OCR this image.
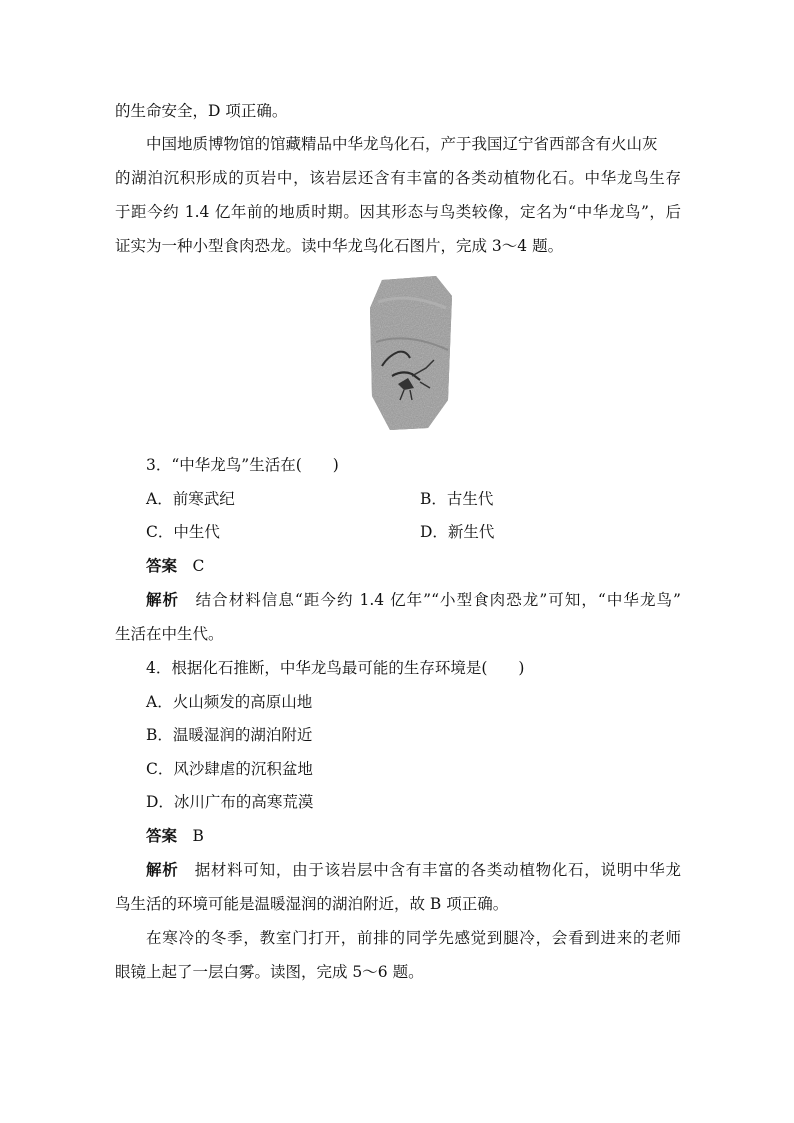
的生命安全，D 项正确。
中国地质博物馆的馆藏精品中华龙鸟化石，产于我国辽宁省西部含有火山灰
的湖泊沉积形成的页岩中，该岩层还含有丰富的各类动植物化石。中华龙鸟生存
于距今约 1.4 亿年前的地质时期。因其形态与鸟类较像，定名为“中华龙鸟”，后
证实为一种小型食肉恐龙。读中华龙鸟化石图片，完成 3～4 题。
3．“中华龙鸟”生活在(　　)
A．前寒武纪	B．古生代
C．中生代	D．新生代
答案　 C
解析　 结合材料信息“距今约 1.4 亿年”“小型食肉恐龙”可知，“中华龙鸟”
生活在中生代。
4．根据化石推断，中华龙鸟最可能的生存环境是(　　)
A．火山频发的高原山地
B．温暖湿润的湖泊附近
C．风沙肆虐的沉积盆地
D．冰川广布的高寒荒漠
答案　 B
解析　 据材料可知，由于该岩层中含有丰富的各类动植物化石，说明中华龙
鸟生活的环境可能是温暖湿润的湖泊附近，故 B 项正确。
在寒冷的冬季，教室门打开，前排的同学先感觉到腿冷，会看到进来的老师
眼镜上起了一层白雾。读图，完成 5～6 题。
